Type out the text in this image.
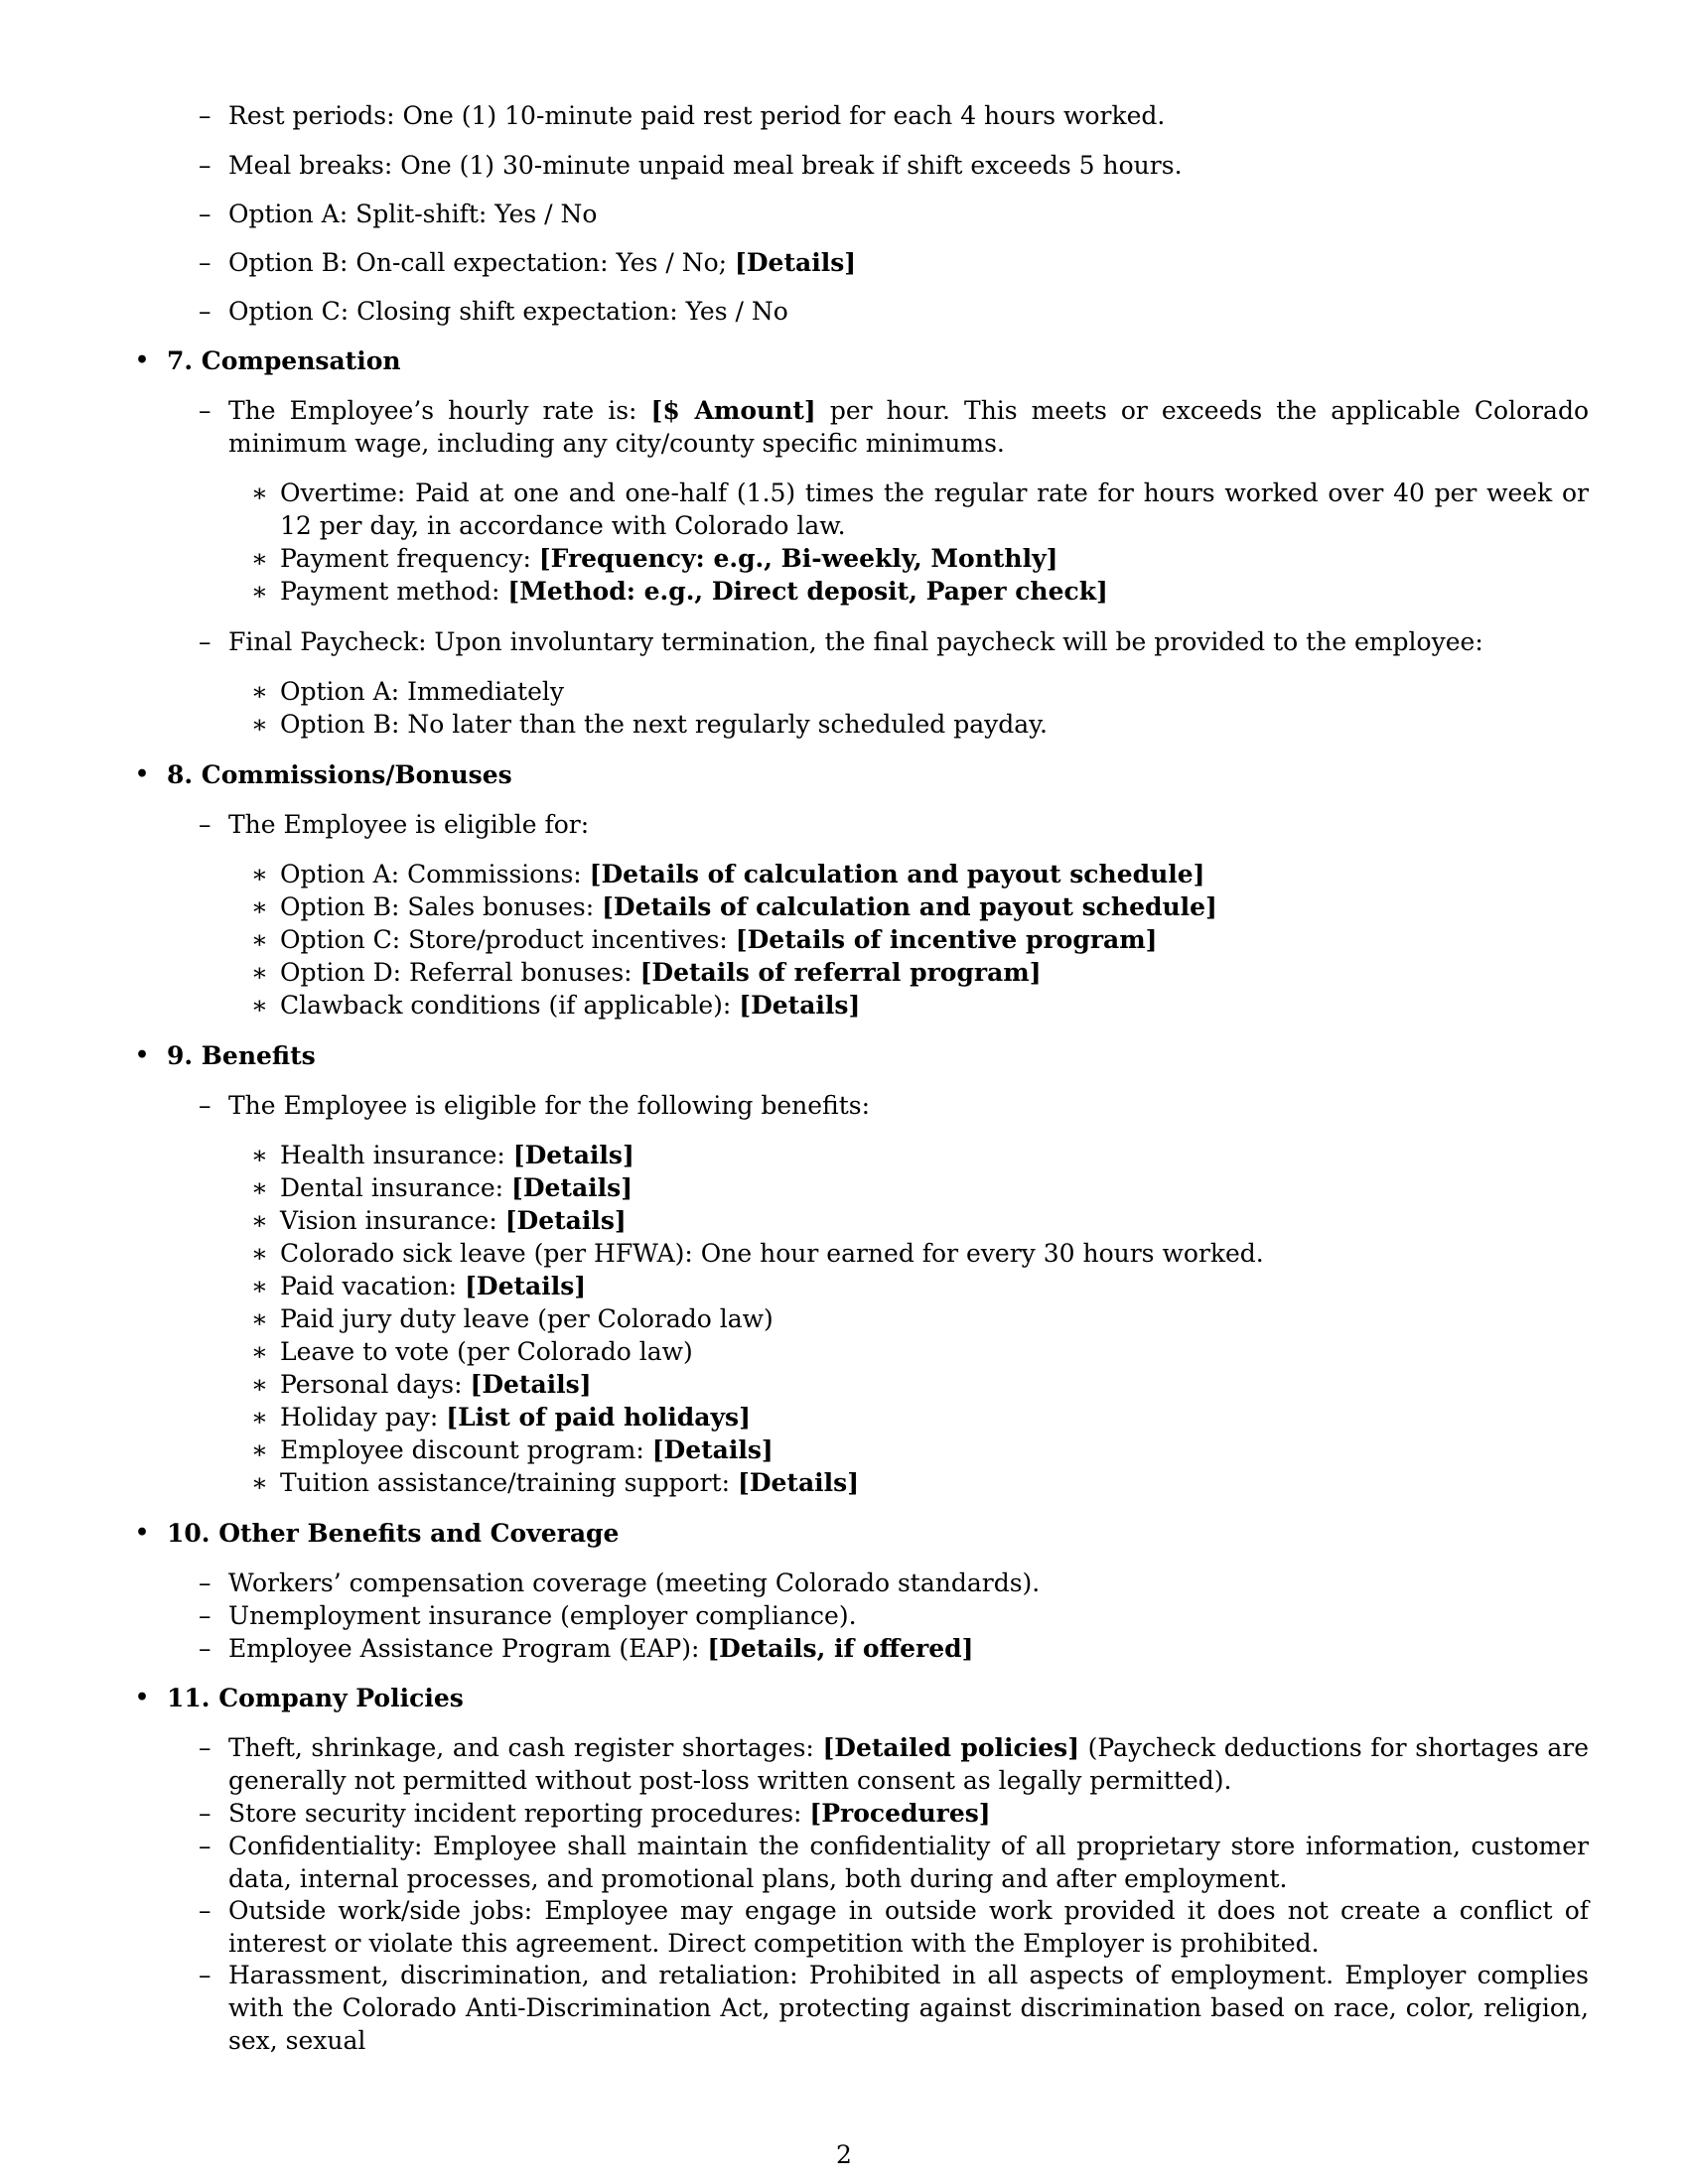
– Rest periods: One (1) 10-minute paid rest period for each 4 hours worked.
– Meal breaks: One (1) 30-minute unpaid meal break if shift exceeds 5 hours.
– Option A: Split-shift: Yes / No
– Option B: On-call expectation: Yes / No; [Details]
– Option C: Closing shift expectation: Yes / No
• 7. Compensation
– The Employee’s hourly rate is: [$ Amount] per hour. This meets or exceeds the applicable Colorado minimum wage, including any city/county specific minimums.
∗ Overtime: Paid at one and one-half (1.5) times the regular rate for hours worked over 40 per week or 12 per day, in accordance with Colorado law.
∗ Payment frequency: [Frequency: e.g., Bi-weekly, Monthly]
∗ Payment method: [Method: e.g., Direct deposit, Paper check]
– Final Paycheck: Upon involuntary termination, the final paycheck will be provided to the employee:
∗ Option A: Immediately
∗ Option B: No later than the next regularly scheduled payday.
• 8. Commissions/Bonuses
– The Employee is eligible for:
∗ Option A: Commissions: [Details of calculation and payout schedule]
∗ Option B: Sales bonuses: [Details of calculation and payout schedule]
∗ Option C: Store/product incentives: [Details of incentive program]
∗ Option D: Referral bonuses: [Details of referral program]
∗ Clawback conditions (if applicable): [Details]
• 9. Benefits
– The Employee is eligible for the following benefits:
∗ Health insurance: [Details]
∗ Dental insurance: [Details]
∗ Vision insurance: [Details]
∗ Colorado sick leave (per HFWA): One hour earned for every 30 hours worked.
∗ Paid vacation: [Details]
∗ Paid jury duty leave (per Colorado law)
∗ Leave to vote (per Colorado law)
∗ Personal days: [Details]
∗ Holiday pay: [List of paid holidays]
∗ Employee discount program: [Details]
∗ Tuition assistance/training support: [Details]
• 10. Other Benefits and Coverage
– Workers’ compensation coverage (meeting Colorado standards).
– Unemployment insurance (employer compliance).
– Employee Assistance Program (EAP): [Details, if offered]
• 11. Company Policies
– Theft, shrinkage, and cash register shortages: [Detailed policies] (Paycheck deductions for shortages are generally not permitted without post-loss written consent as legally permitted).
– Store security incident reporting procedures: [Procedures]
– Confidentiality: Employee shall maintain the confidentiality of all proprietary store information, customer data, internal processes, and promotional plans, both during and after employment.
– Outside work/side jobs: Employee may engage in outside work provided it does not create a conflict of interest or violate this agreement. Direct competition with the Employer is prohibited.
– Harassment, discrimination, and retaliation: Prohibited in all aspects of employment. Employer complies with the Colorado Anti-Discrimination Act, protecting against discrimination based on race, color, religion, sex, sexual
2
